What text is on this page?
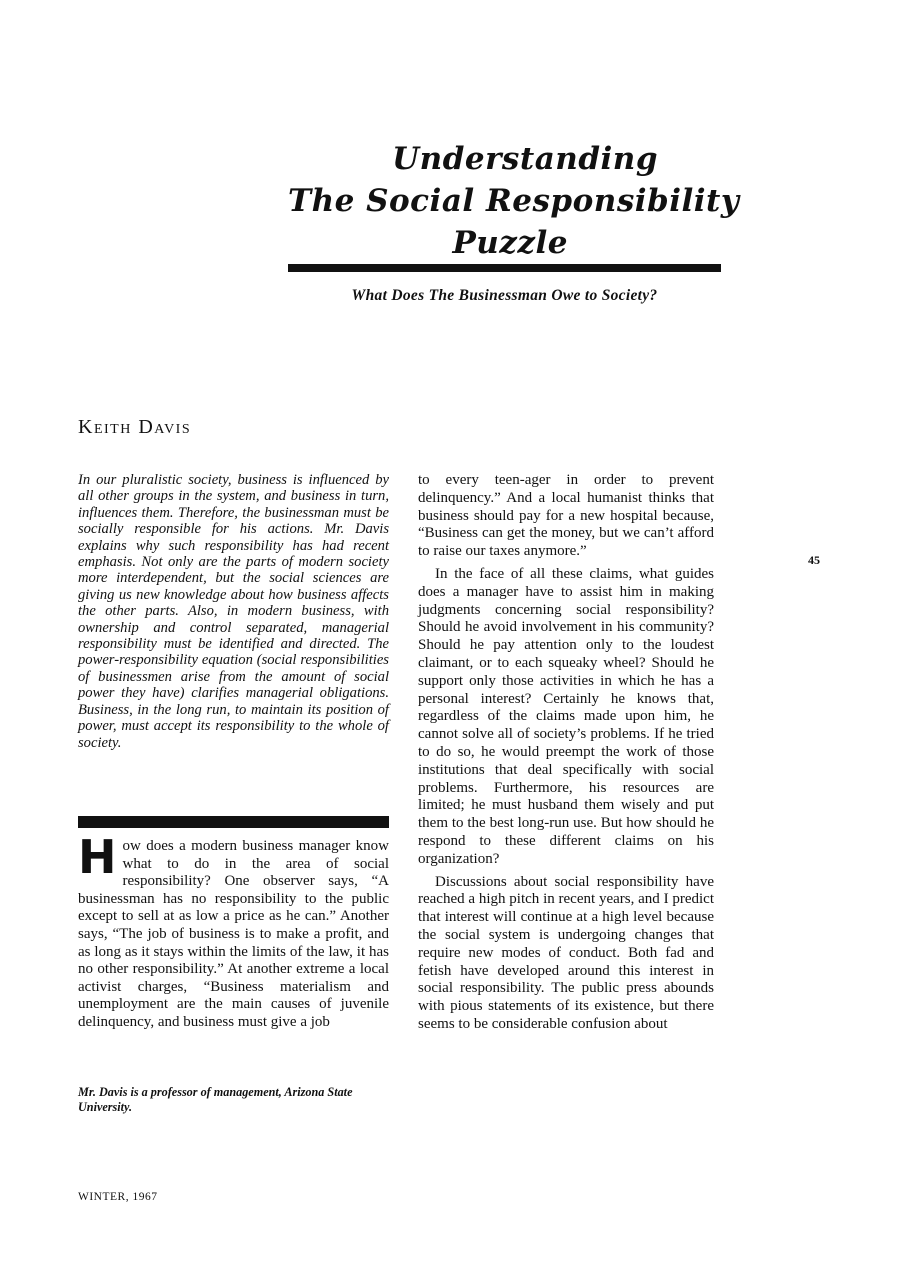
Understanding
The Social Responsibility
Puzzle
What Does The Businessman Owe to Society?
Keith Davis
In our pluralistic society, business is influenced by all other groups in the system, and business in turn, influences them. Therefore, the businessman must be socially responsible for his actions. Mr. Davis explains why such responsibility has had recent emphasis. Not only are the parts of modern society more interdependent, but the social sciences are giving us new knowledge about how business affects the other parts. Also, in modern business, with ownership and control separated, managerial responsibility must be identified and directed. The power-responsibility equation (social responsibilities of businessmen arise from the amount of social power they have) clarifies managerial obligations. Business, in the long run, to maintain its position of power, must accept its responsibility to the whole of society.
How does a modern business manager know what to do in the area of social responsibility? One observer says, “A businessman has no responsibility to the public except to sell at as low a price as he can.” Another says, “The job of business is to make a profit, and as long as it stays within the limits of the law, it has no other responsibility.” At another extreme a local activist charges, “Business materialism and unemployment are the main causes of juvenile delinquency, and business must give a job
Mr. Davis is a professor of management, Arizona State University.

to every teen-ager in order to prevent delinquency.” And a local humanist thinks that business should pay for a new hospital because, “Business can get the money, but we can’t afford to raise our taxes anymore.”

In the face of all these claims, what guides does a manager have to assist him in making judgments concerning social responsibility? Should he avoid involvement in his community? Should he pay attention only to the loudest claimant, or to each squeaky wheel? Should he support only those activities in which he has a personal interest? Certainly he knows that, regardless of the claims made upon him, he cannot solve all of society’s problems. If he tried to do so, he would preempt the work of those institutions that deal specifically with social problems. Furthermore, his resources are limited; he must husband them wisely and put them to the best long-run use. But how should he respond to these different claims on his organization?

Discussions about social responsibility have reached a high pitch in recent years, and I predict that interest will continue at a high level because the social system is undergoing changes that require new modes of conduct. Both fad and fetish have developed around this interest in social responsibility. The public press abounds with pious statements of its existence, but there seems to be considerable confusion about

45
WINTER, 1967
